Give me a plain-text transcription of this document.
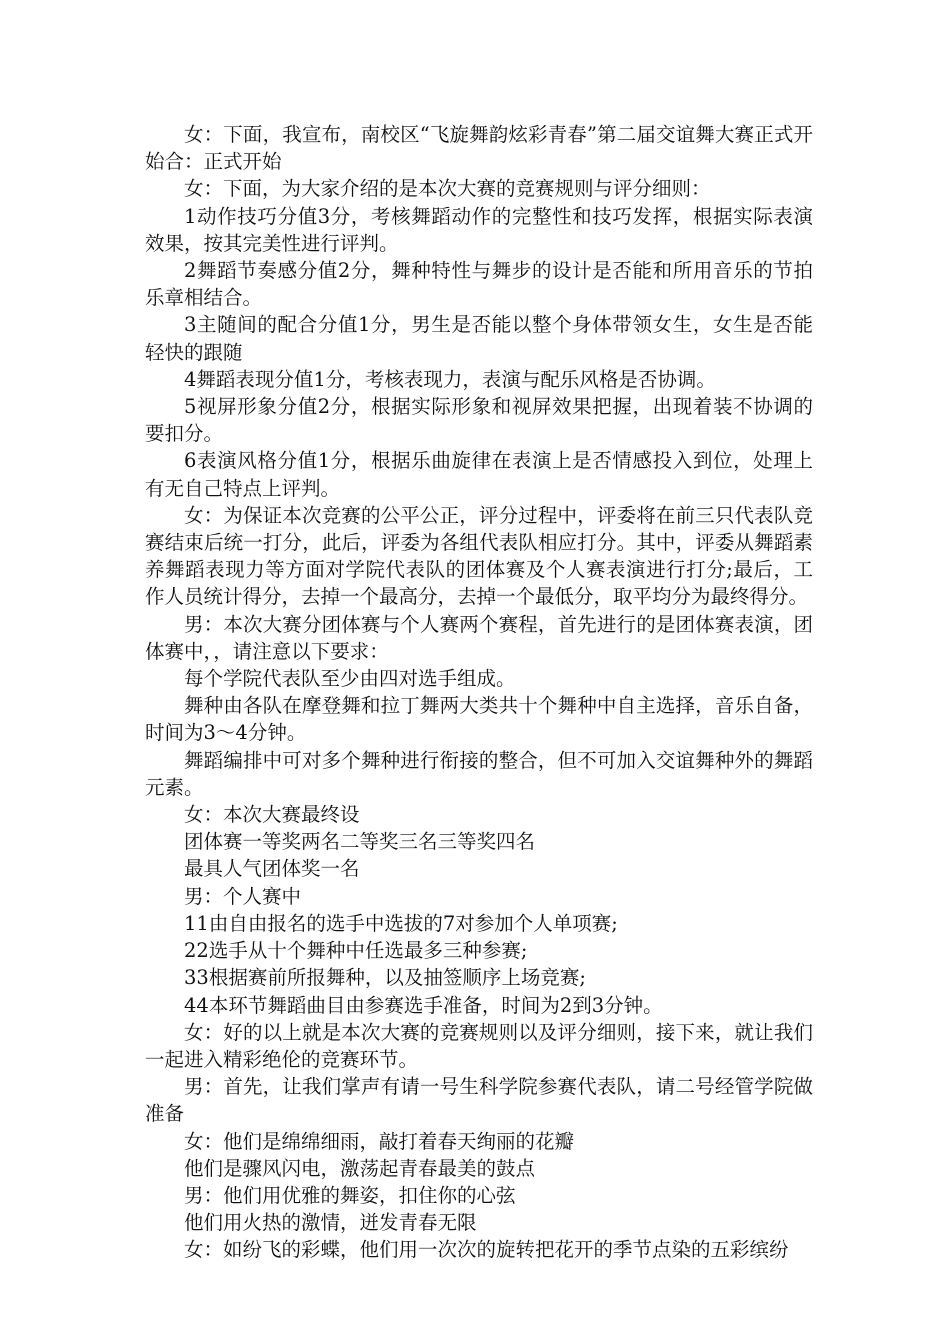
女：下面，我宣布，南校区“飞旋舞韵炫彩青春”第二届交谊舞大赛正式开始合：正式开始

女：下面，为大家介绍的是本次大赛的竞赛规则与评分细则：

1动作技巧分值3分，考核舞蹈动作的完整性和技巧发挥，根据实际表演效果，按其完美性进行评判。

2舞蹈节奏感分值2分，舞种特性与舞步的设计是否能和所用音乐的节拍乐章相结合。

3主随间的配合分值1分，男生是否能以整个身体带领女生，女生是否能轻快的跟随

4舞蹈表现分值1分，考核表现力，表演与配乐风格是否协调。

5视屏形象分值2分，根据实际形象和视屏效果把握，出现着装不协调的要扣分。

6表演风格分值1分，根据乐曲旋律在表演上是否情感投入到位，处理上有无自己特点上评判。

女：为保证本次竞赛的公平公正，评分过程中，评委将在前三只代表队竞赛结束后统一打分，此后，评委为各组代表队相应打分。其中，评委从舞蹈素养舞蹈表现力等方面对学院代表队的团体赛及个人赛表演进行打分;最后，工作人员统计得分，去掉一个最高分，去掉一个最低分，取平均分为最终得分。

男：本次大赛分团体赛与个人赛两个赛程，首先进行的是团体赛表演，团体赛中，，请注意以下要求：

每个学院代表队至少由四对选手组成。

舞种由各队在摩登舞和拉丁舞两大类共十个舞种中自主选择，音乐自备，时间为3～4分钟。

舞蹈编排中可对多个舞种进行衔接的整合，但不可加入交谊舞种外的舞蹈元素。

女：本次大赛最终设

团体赛一等奖两名二等奖三名三等奖四名

最具人气团体奖一名

男：个人赛中

11由自由报名的选手中选拔的7对参加个人单项赛;

22选手从十个舞种中任选最多三种参赛;

33根据赛前所报舞种，以及抽签顺序上场竞赛;

44本环节舞蹈曲目由参赛选手准备，时间为2到3分钟。

女：好的以上就是本次大赛的竞赛规则以及评分细则，接下来，就让我们一起进入精彩绝伦的竞赛环节。

男：首先，让我们掌声有请一号生科学院参赛代表队，请二号经管学院做准备

女：他们是绵绵细雨，敲打着春天绚丽的花瓣

他们是骤风闪电，激荡起青春最美的鼓点

男：他们用优雅的舞姿，扣住你的心弦

他们用火热的激情，迸发青春无限

女：如纷飞的彩蝶，他们用一次次的旋转把花开的季节点染的五彩缤纷
